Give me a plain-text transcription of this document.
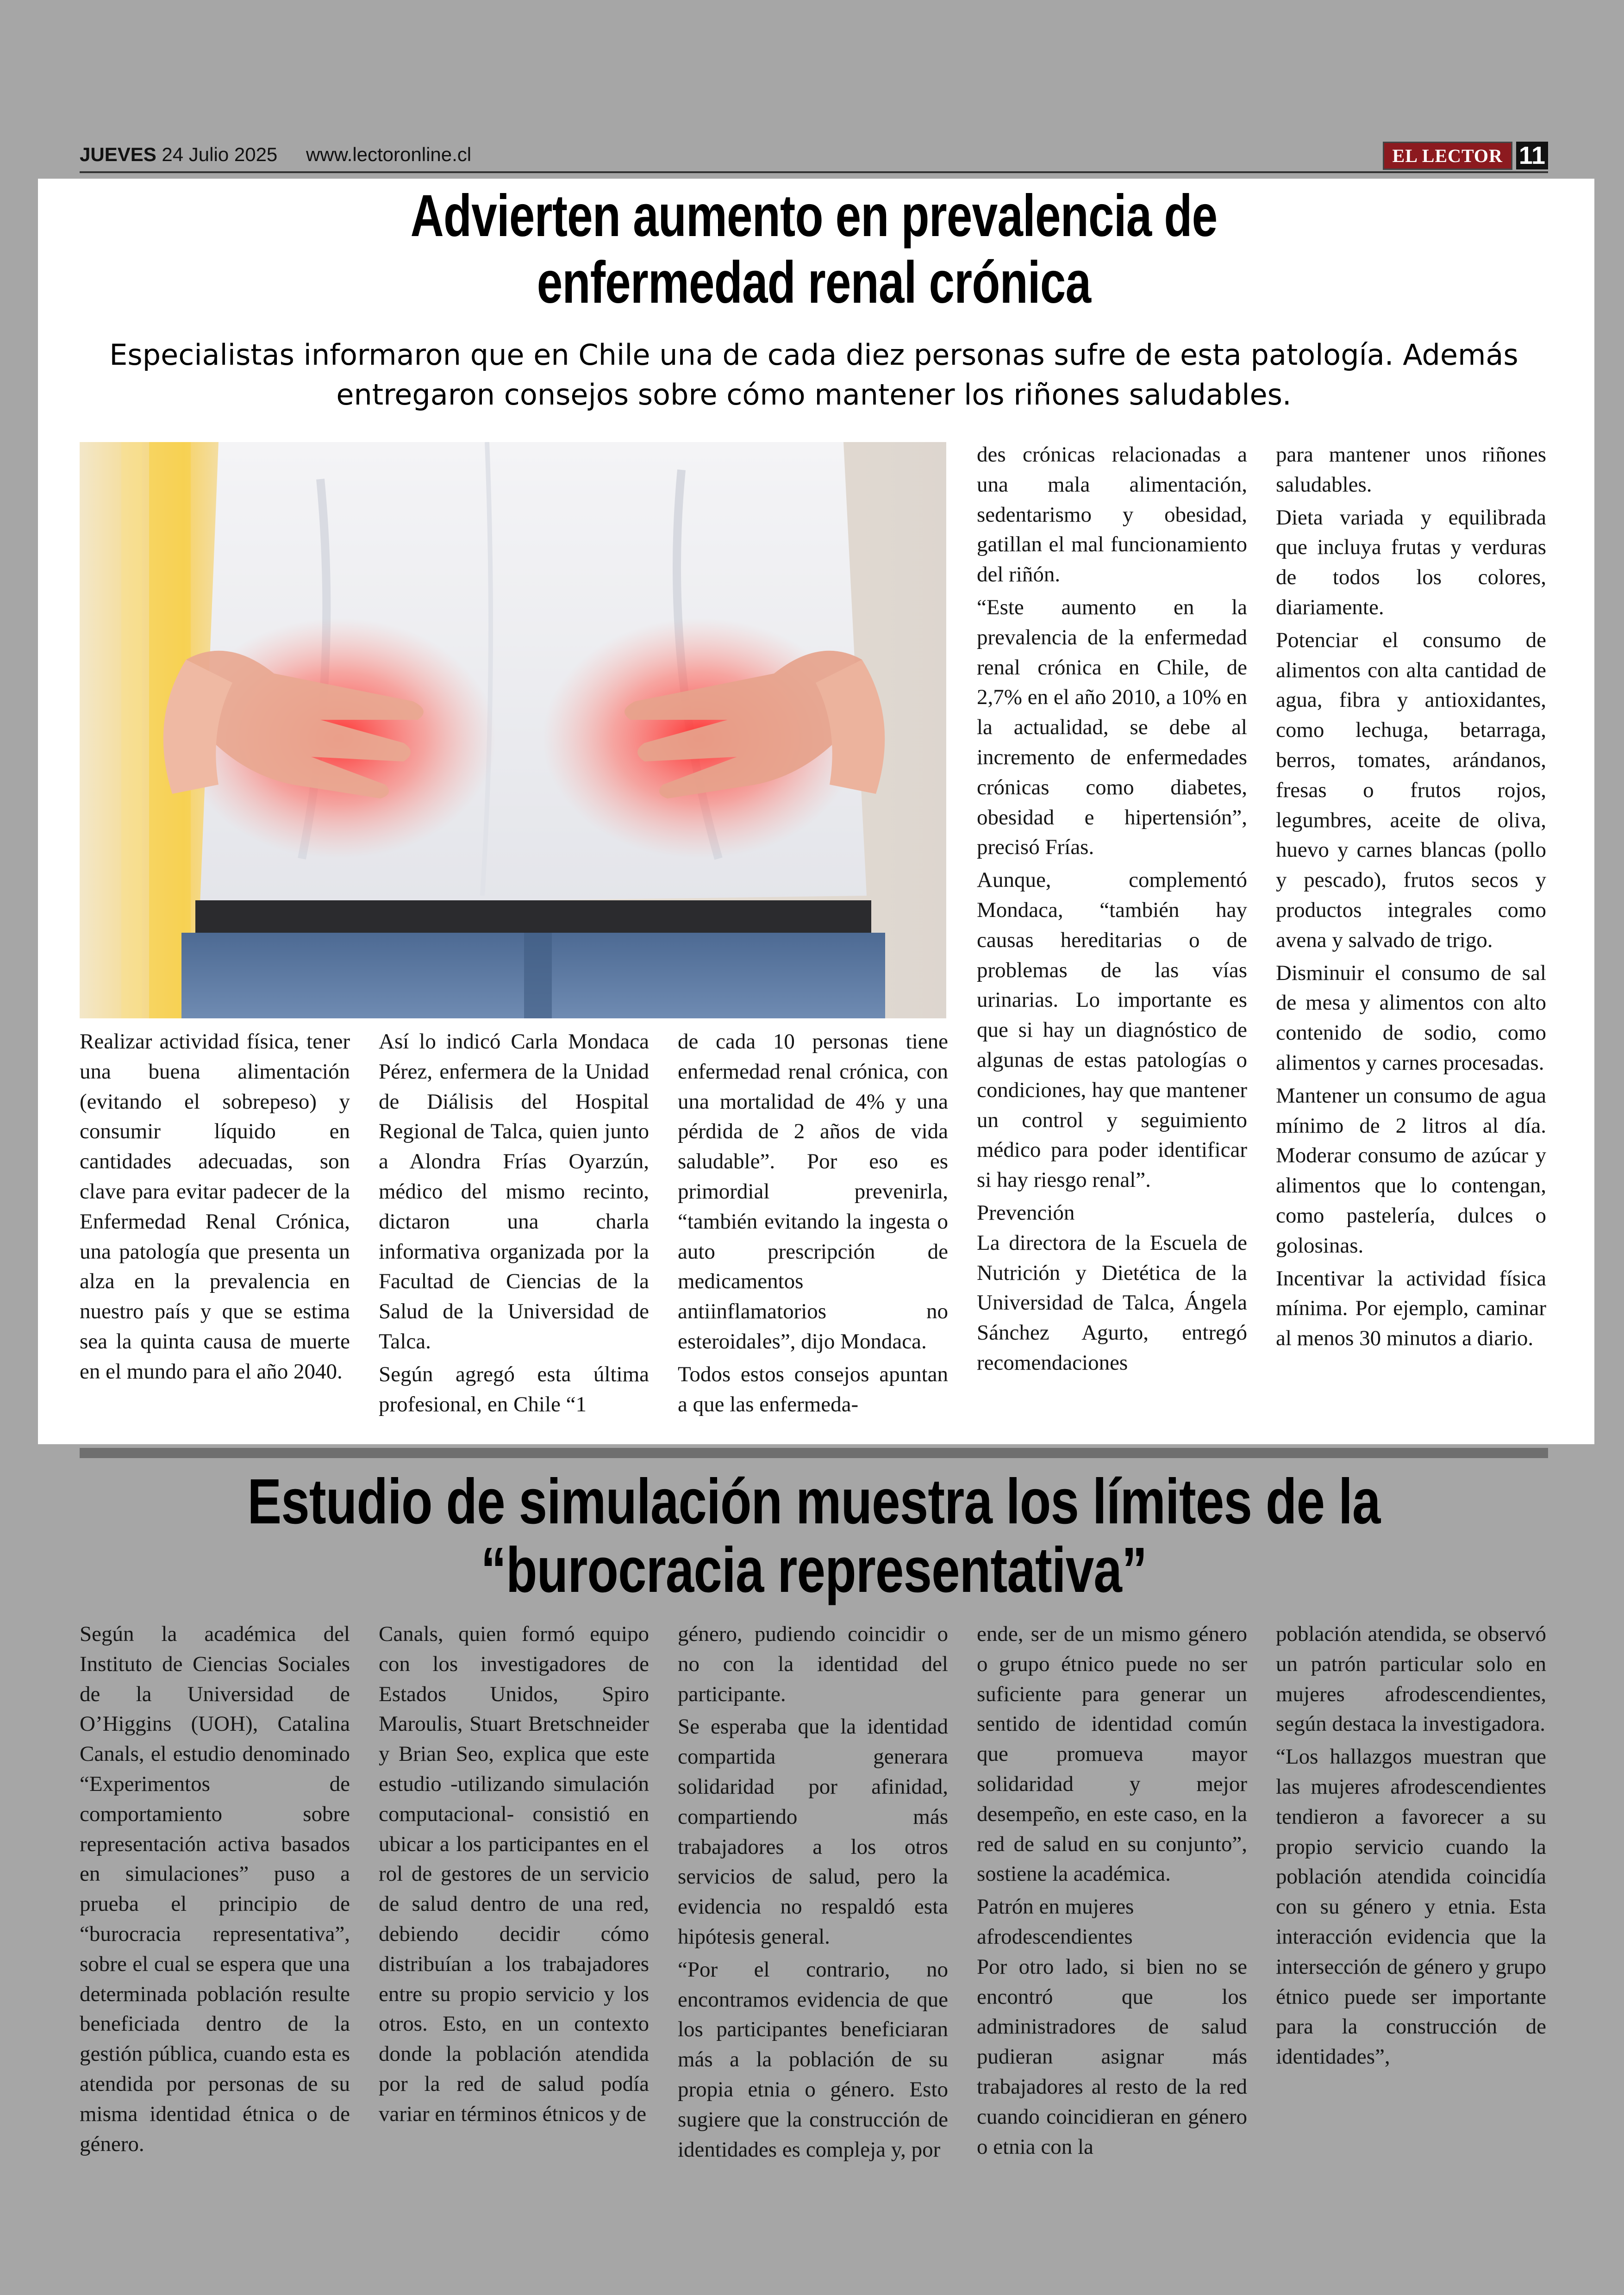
JUEVES 24 Julio 2025 www.lectoronline.cl	EL LECTOR 11
Advierten aumento en prevalencia de
enfermedad renal crónica
Especialistas informaron que en Chile una de cada diez personas sufre de esta patología. Además entregaron consejos sobre cómo mantener los riñones saludables.

Realizar actividad física, tener una buena alimentación (evitando el sobrepeso) y consumir líquido en cantidades adecuadas, son clave para evitar padecer de la Enfermedad Renal Crónica, una patología que presenta un alza en la prevalencia en nuestro país y que se estima sea la quinta causa de muerte en el mundo para el año 2040.

Así lo indicó Carla Mondaca Pérez, enfermera de la Unidad de Diálisis del Hospital Regional de Talca, quien junto a Alondra Frías Oyarzún, médico del mismo recinto, dictaron una charla informativa organizada por la Facultad de Ciencias de la Salud de la Universidad de Talca.

Según agregó esta última profesional, en Chile “1

de cada 10 personas tiene enfermedad renal crónica, con una mortalidad de 4% y una pérdida de 2 años de vida saludable”. Por eso es primordial prevenirla, “también evitando la ingesta o auto prescripción de medicamentos antiinflamatorios no esteroidales”, dijo Mondaca.

Todos estos consejos apuntan a que las enfermeda-

des crónicas relacionadas a una mala alimentación, sedentarismo y obesidad, gatillan el mal funcionamiento del riñón.

“Este aumento en la prevalencia de la enfermedad renal crónica en Chile, de 2,7% en el año 2010, a 10% en la actualidad, se debe al incremento de enfermedades crónicas como diabetes, obesidad e hipertensión”, precisó Frías.

Aunque, complementó Mondaca, “también hay causas hereditarias o de problemas de las vías urinarias. Lo importante es que si hay un diagnóstico de algunas de estas patologías o condiciones, hay que mantener un control y seguimiento médico para poder identificar si hay riesgo renal”.

Prevención

La directora de la Escuela de Nutrición y Dietética de la Universidad de Talca, Ángela Sánchez Agurto, entregó recomendaciones

para mantener unos riñones saludables.

Dieta variada y equilibrada que incluya frutas y verduras de todos los colores, diariamente.

Potenciar el consumo de alimentos con alta cantidad de agua, fibra y antioxidantes, como lechuga, betarraga, berros, tomates, arándanos, fresas o frutos rojos, legumbres, aceite de oliva, huevo y carnes blancas (pollo y pescado), frutos secos y productos integrales como avena y salvado de trigo.

Disminuir el consumo de sal de mesa y alimentos con alto contenido de sodio, como alimentos y carnes procesadas.

Mantener un consumo de agua mínimo de 2 litros al día. Moderar consumo de azúcar y alimentos que lo contengan, como pastelería, dulces o golosinas.

Incentivar la actividad física mínima. Por ejemplo, caminar al menos 30 minutos a diario.

Estudio de simulación muestra los límites de la
“burocracia representativa”

Según la académica del Instituto de Ciencias Sociales de la Universidad de O’Higgins (UOH), Catalina Canals, el estudio denominado “Experimentos de comportamiento sobre representación activa basados en simulaciones” puso a prueba el principio de “burocracia representativa”, sobre el cual se espera que una determinada población resulte beneficiada dentro de la gestión pública, cuando esta es atendida por personas de su misma identidad étnica o de género.

Canals, quien formó equipo con los investigadores de Estados Unidos, Spiro Maroulis, Stuart Bretschneider y Brian Seo, explica que este estudio -utilizando simulación computacional- consistió en ubicar a los participantes en el rol de gestores de un servicio de salud dentro de una red, debiendo decidir cómo distribuían a los trabajadores entre su propio servicio y los otros. Esto, en un contexto donde la población atendida por la red de salud podía variar en términos étnicos y de

género, pudiendo coincidir o no con la identidad del participante.

Se esperaba que la identidad compartida generara solidaridad por afinidad, compartiendo más trabajadores a los otros servicios de salud, pero la evidencia no respaldó esta hipótesis general.

“Por el contrario, no encontramos evidencia de que los participantes beneficiaran más a la población de su propia etnia o género. Esto sugiere que la construcción de identidades es compleja y, por

ende, ser de un mismo género o grupo étnico puede no ser suficiente para generar un sentido de identidad común que promueva mayor solidaridad y mejor desempeño, en este caso, en la red de salud en su conjunto”, sostiene la académica.

Patrón en mujeres afrodescendientes

Por otro lado, si bien no se encontró que los administradores de salud pudieran asignar más trabajadores al resto de la red cuando coincidieran en género o etnia con la

población atendida, se observó un patrón particular solo en mujeres afrodescendientes, según destaca la investigadora.

“Los hallazgos muestran que las mujeres afrodescendientes tendieron a favorecer a su propio servicio cuando la población atendida coincidía con su género y etnia. Esta interacción evidencia que la intersección de género y grupo étnico puede ser importante para la construcción de identidades”,
